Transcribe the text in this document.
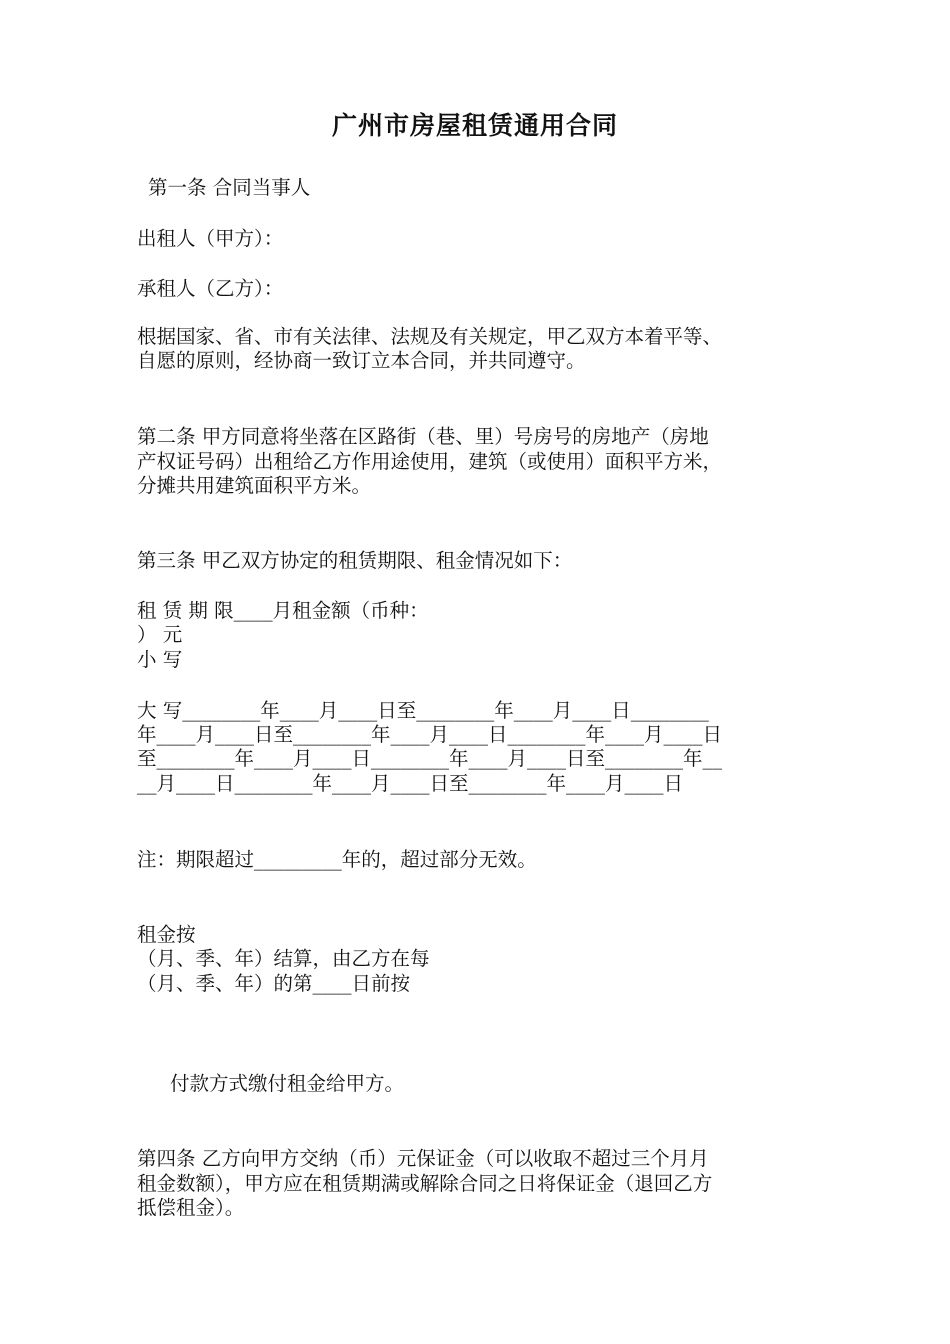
广州市房屋租赁通用合同
第一条 合同当事人
出租人（甲方）：
承租人（乙方）：
根据国家、省、市有关法律、法规及有关规定，甲乙双方本着平等、
自愿的原则，经协商一致订立本合同，并共同遵守。
第二条 甲方同意将坐落在区路街（巷、里）号房号的房地产（房地
产权证号码）出租给乙方作用途使用，建筑（或使用）面积平方米，
分摊共用建筑面积平方米。
第三条 甲乙双方协定的租赁期限、租金情况如下：
租 赁 期 限____月租金额（币种：
） 元
小 写
大 写________年____月____日至________年____月____日________
年____月____日至________年____月____日________年____月____日
至________年____月____日________年____月____日至________年__
__月____日________年____月____日至________年____月____日
注：期限超过_________年的，超过部分无效。
租金按
（月、季、年）结算，由乙方在每
（月、季、年）的第____日前按
付款方式缴付租金给甲方。
第四条 乙方向甲方交纳（币）元保证金（可以收取不超过三个月月
租金数额），甲方应在租赁期满或解除合同之日将保证金（退回乙方
抵偿租金）。
